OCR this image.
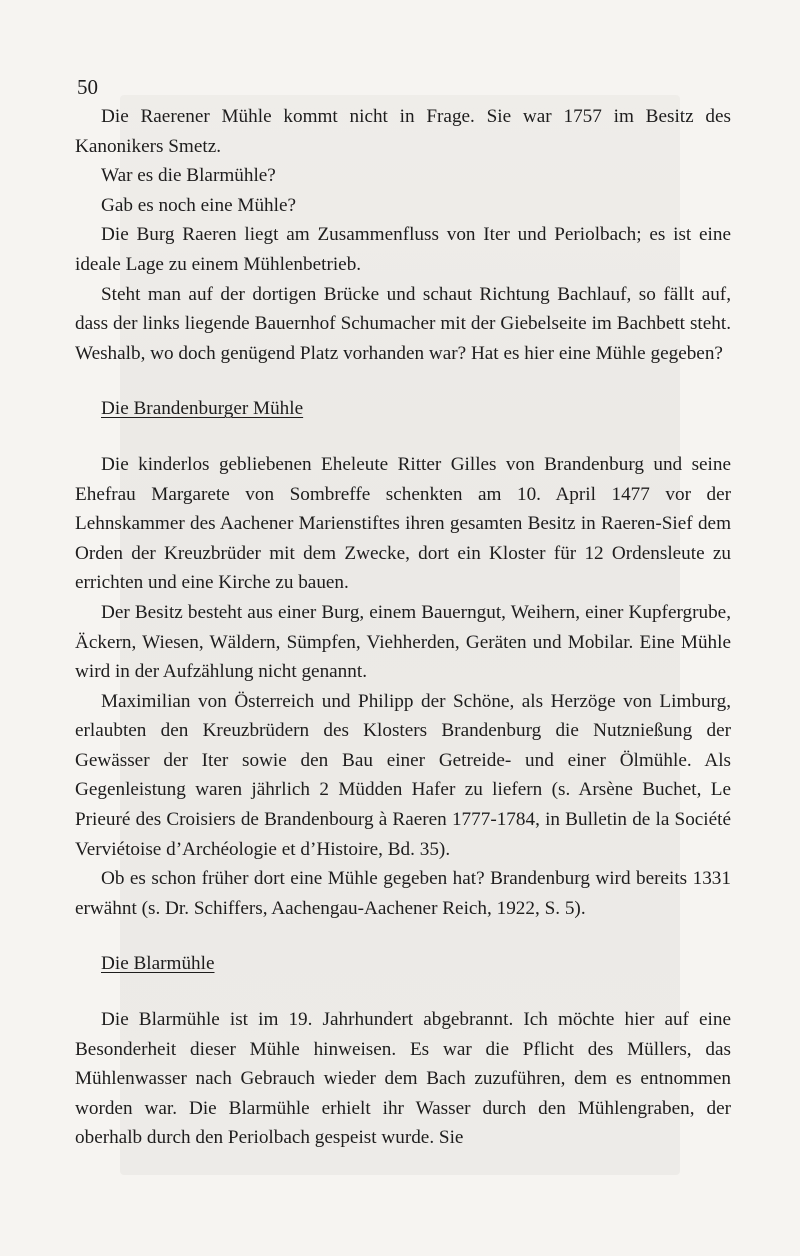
50

Die Raerener Mühle kommt nicht in Frage. Sie war 1757 im Besitz des Kanonikers Smetz.

War es die Blarmühle?

Gab es noch eine Mühle?

Die Burg Raeren liegt am Zusammenfluss von Iter und Periolbach; es ist eine ideale Lage zu einem Mühlenbetrieb.

Steht man auf der dortigen Brücke und schaut Richtung Bachlauf, so fällt auf, dass der links liegende Bauernhof Schumacher mit der Giebelseite im Bachbett steht. Weshalb, wo doch genügend Platz vorhanden war? Hat es hier eine Mühle gegeben?

Die Brandenburger Mühle

Die kinderlos gebliebenen Eheleute Ritter Gilles von Brandenburg und seine Ehefrau Margarete von Sombreffe schenkten am 10. April 1477 vor der Lehnskammer des Aachener Marienstiftes ihren gesamten Besitz in Raeren-Sief dem Orden der Kreuzbrüder mit dem Zwecke, dort ein Kloster für 12 Ordensleute zu errichten und eine Kirche zu bauen.

Der Besitz besteht aus einer Burg, einem Bauerngut, Weihern, einer Kupfergrube, Äckern, Wiesen, Wäldern, Sümpfen, Viehherden, Geräten und Mobilar. Eine Mühle wird in der Aufzählung nicht genannt.

Maximilian von Österreich und Philipp der Schöne, als Herzöge von Limburg, erlaubten den Kreuzbrüdern des Klosters Brandenburg die Nutznießung der Gewässer der Iter sowie den Bau einer Getreide- und einer Ölmühle. Als Gegenleistung waren jährlich 2 Müdden Hafer zu liefern (s. Arsène Buchet, Le Prieuré des Croisiers de Brandenbourg à Raeren 1777-1784, in Bulletin de la Société Verviétoise d’Archéologie et d’Histoire, Bd. 35).

Ob es schon früher dort eine Mühle gegeben hat? Brandenburg wird bereits 1331 erwähnt (s. Dr. Schiffers, Aachengau-Aachener Reich, 1922, S. 5).

Die Blarmühle

Die Blarmühle ist im 19. Jahrhundert abgebrannt. Ich möchte hier auf eine Besonderheit dieser Mühle hinweisen. Es war die Pflicht des Müllers, das Mühlenwasser nach Gebrauch wieder dem Bach zuzuführen, dem es entnommen worden war. Die Blarmühle erhielt ihr Wasser durch den Mühlengraben, der oberhalb durch den Periolbach gespeist wurde. Sie
